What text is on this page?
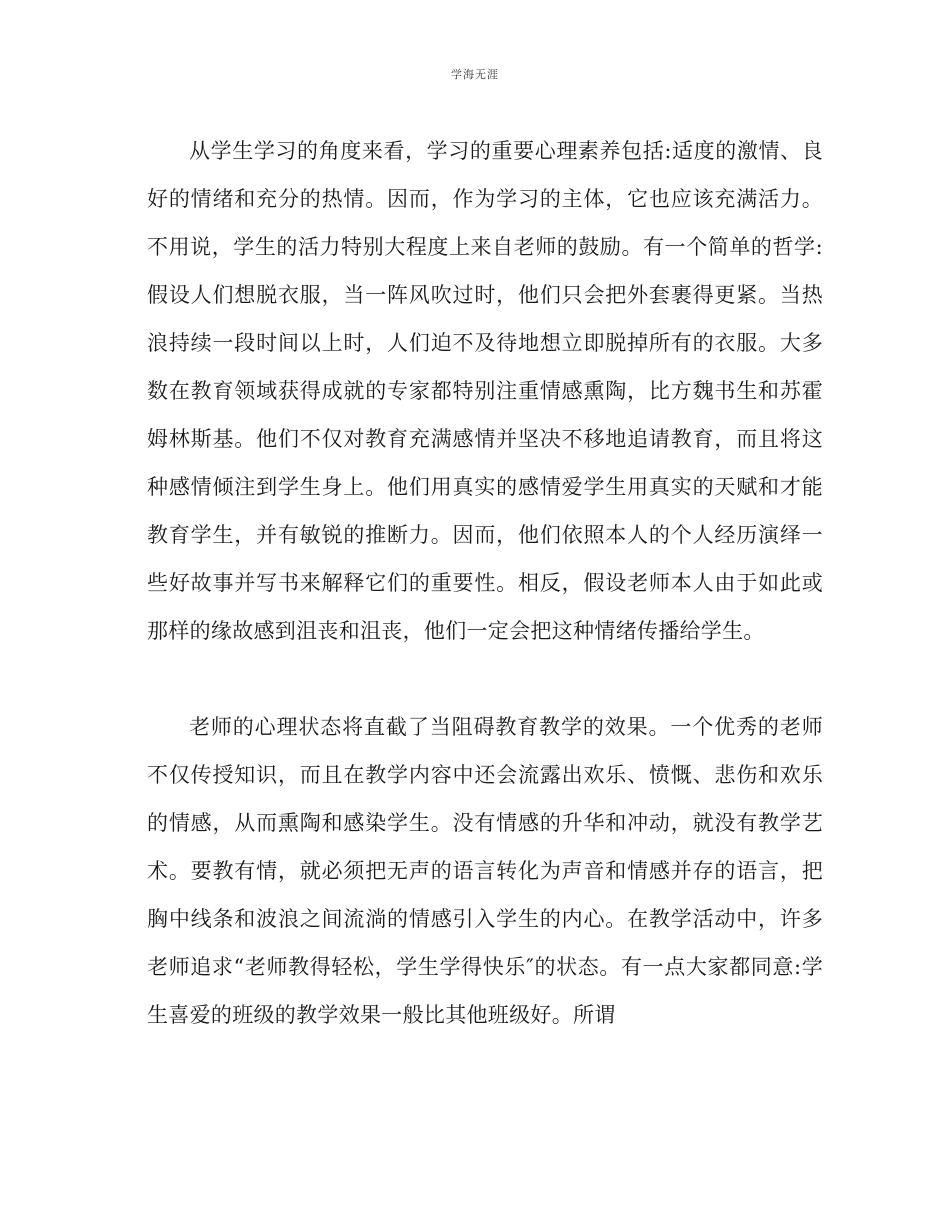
学海无涯

从学生学习的角度来看，学习的重要心理素养包括:适度的激情、良好的情绪和充分的热情。因而，作为学习的主体，它也应该充满活力。不用说，学生的活力特别大程度上来自老师的鼓励。有一个简单的哲学:假设人们想脱衣服，当一阵风吹过时，他们只会把外套裹得更紧。当热浪持续一段时间以上时，人们迫不及待地想立即脱掉所有的衣服。大多数在教育领域获得成就的专家都特别注重情感熏陶，比方魏书生和苏霍姆林斯基。他们不仅对教育充满感情并坚决不移地追请教育，而且将这种感情倾注到学生身上。他们用真实的感情爱学生用真实的天赋和才能教育学生，并有敏锐的推断力。因而，他们依照本人的个人经历演绎一些好故事并写书来解释它们的重要性。相反，假设老师本人由于如此或那样的缘故感到沮丧和沮丧，他们一定会把这种情绪传播给学生。

老师的心理状态将直截了当阻碍教育教学的效果。一个优秀的老师不仅传授知识，而且在教学内容中还会流露出欢乐、愤慨、悲伤和欢乐的情感，从而熏陶和感染学生。没有情感的升华和冲动，就没有教学艺术。要教有情，就必须把无声的语言转化为声音和情感并存的语言，把胸中线条和波浪之间流淌的情感引入学生的内心。在教学活动中，许多老师追求“老师教得轻松，学生学得快乐″的状态。有一点大家都同意:学生喜爱的班级的教学效果一般比其他班级好。所谓
